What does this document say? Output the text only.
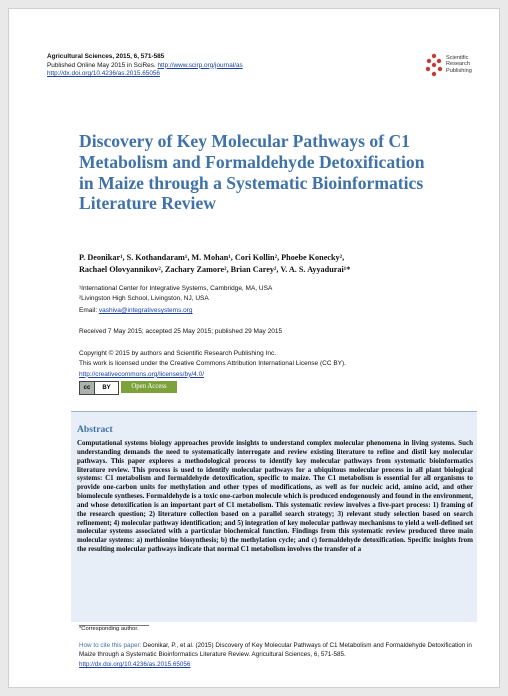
Agricultural Sciences, 2015, 6, 571-585
Published Online May 2015 in SciRes. http://www.scirp.org/journal/as
http://dx.doi.org/10.4236/as.2015.65056
Scientific
Research
Publishing
Discovery of Key Molecular Pathways of C1 Metabolism and Formaldehyde Detoxification in Maize through a Systematic Bioinformatics Literature Review
P. Deonikar¹, S. Kothandaram¹, M. Mohan¹, Cori Kollin², Phoebe Konecky²,
Rachael Olovyannikov², Zachary Zamore², Brian Carey², V. A. S. Ayyadurai¹*
¹International Center for Integrative Systems, Cambridge, MA, USA
²Livingston High School, Livingston, NJ, USA
Email: vashiva@integrativesystems.org
Received 7 May 2015; accepted 25 May 2015; published 29 May 2015
Copyright © 2015 by authors and Scientific Research Publishing Inc.
This work is licensed under the Creative Commons Attribution International License (CC BY).
http://creativecommons.org/licenses/by/4.0/
cc	BY	Open Access
Abstract
Computational systems biology approaches provide insights to understand complex molecular phenomena in living systems. Such understanding demands the need to systematically interrogate and review existing literature to refine and distil key molecular pathways. This paper explores a methodological process to identify key molecular pathways from systematic bioinformatics literature review. This process is used to identify molecular pathways for a ubiquitous molecular process in all plant biological systems: C1 metabolism and formaldehyde detoxification, specific to maize. The C1 metabolism is essential for all organisms to provide one-carbon units for methylation and other types of modifications, as well as for nucleic acid, amino acid, and other biomolecule syntheses. Formaldehyde is a toxic one-carbon molecule which is produced endogenously and found in the environment, and whose detoxification is an important part of C1 metabolism. This systematic review involves a five-part process: 1) framing of the research question; 2) literature collection based on a parallel search strategy; 3) relevant study selection based on search refinement; 4) molecular pathway identification; and 5) integration of key molecular pathway mechanisms to yield a well-defined set molecular systems associated with a particular biochemical function. Findings from this systematic review produced three main molecular systems: a) methionine biosynthesis; b) the methylation cycle; and c) formaldehyde detoxification. Specific insights from the resulting molecular pathways indicate that normal C1 metabolism involves the transfer of a
*Corresponding author.
How to cite this paper: Deonikar, P., et al. (2015) Discovery of Key Molecular Pathways of C1 Metabolism and Formaldehyde Detoxification in Maize through a Systematic Bioinformatics Literature Review. Agricultural Sciences, 6, 571-585.
http://dx.doi.org/10.4236/as.2015.65056
